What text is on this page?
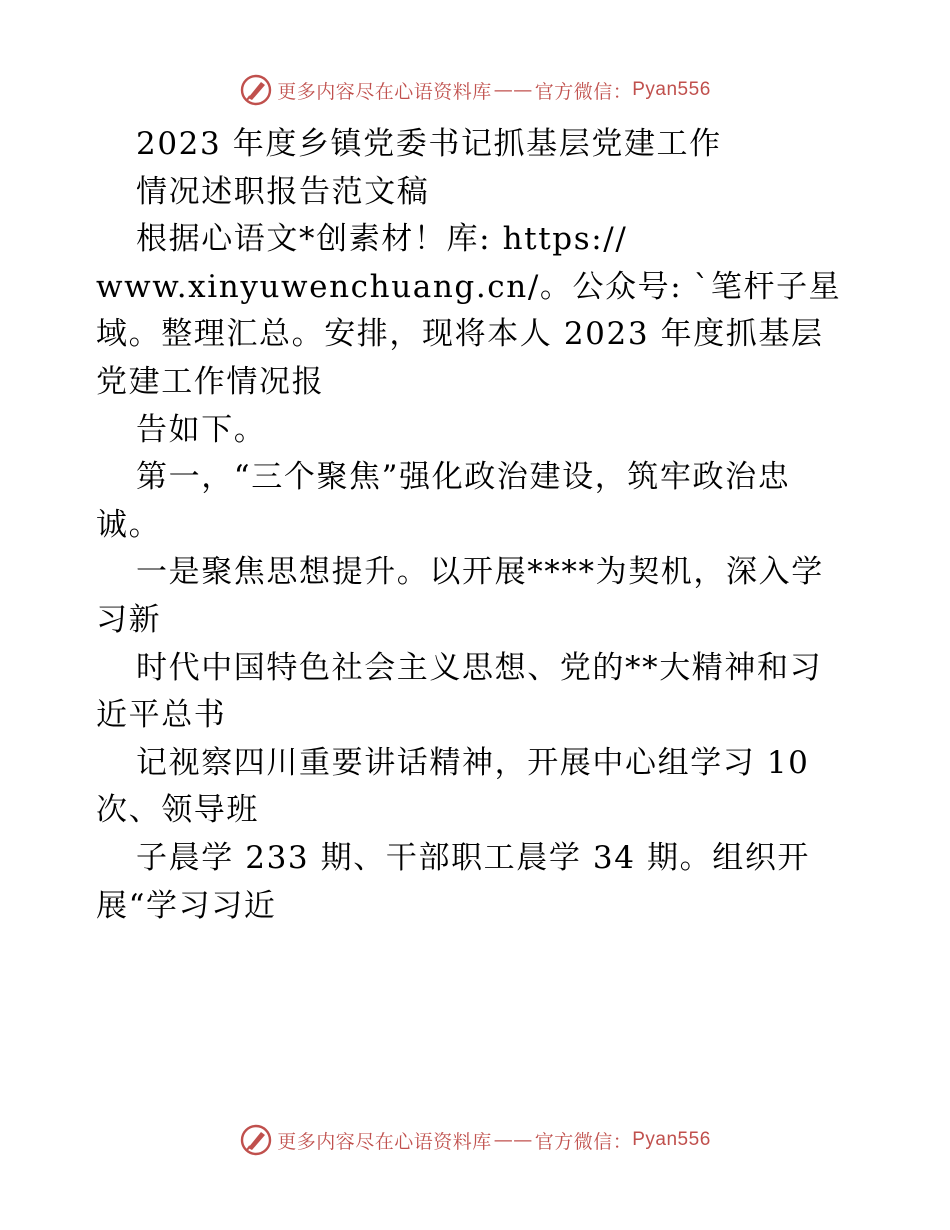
更多内容尽在心语资料库 —— 官方微信： Pyan556
2023 年度乡镇党委书记抓基层党建工作
情况述职报告范文稿
根据心语文*创素材！库: https://
www.xinyuwenchuang.cn/。公众号: `笔杆子星
域。整理汇总。安排，现将本人 2023 年度抓基层
党建工作情况报
告如下。
第一，“三个聚焦”强化政治建设，筑牢政治忠
诚。
一是聚焦思想提升。以开展****为契机，深入学
习新
时代中国特色社会主义思想、党的**大精神和习
近平总书
记视察四川重要讲话精神，开展中心组学习 10
次、领导班
子晨学 233 期、干部职工晨学 34 期。组织开
展“学习习近
更多内容尽在心语资料库 —— 官方微信： Pyan556
